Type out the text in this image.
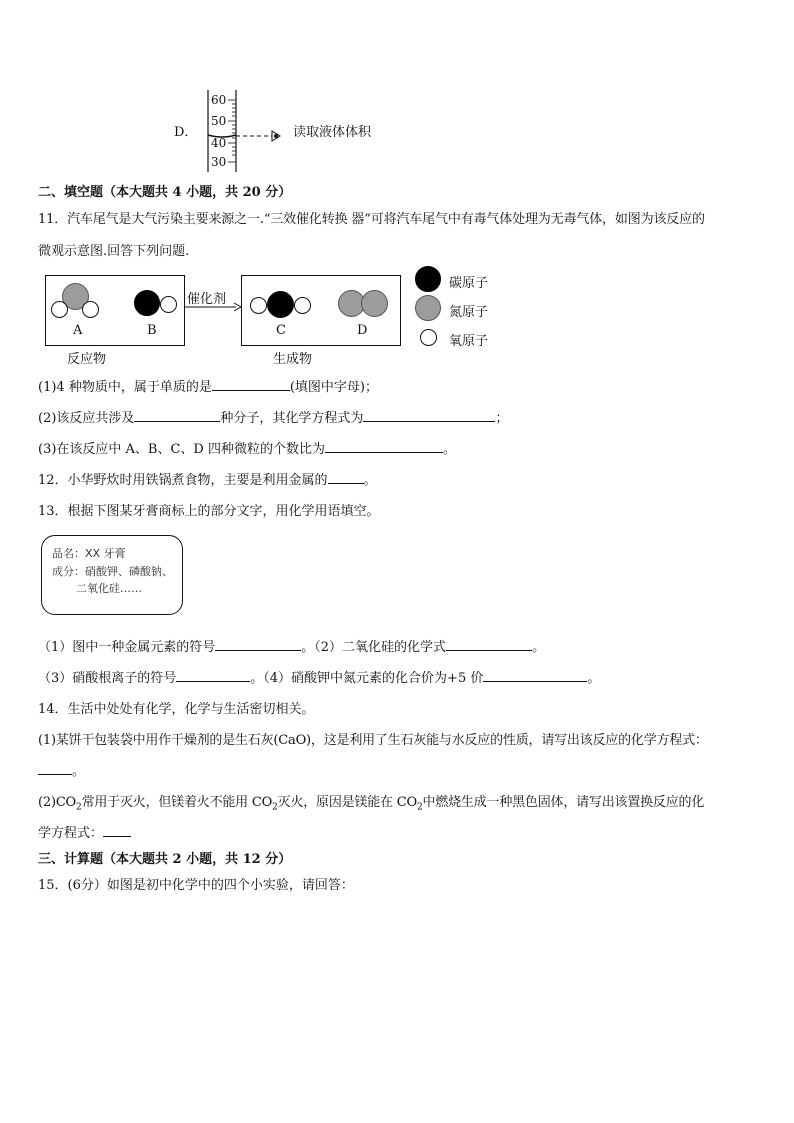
D．
60
50
40
30
读取液体体积
二、填空题（本大题共 4 小题，共 20 分）
11．汽车尾气是大气污染主要来源之一.“三效催化转换 器”可将汽车尾气中有毒气体处理为无毒气体，如图为该反应的
微观示意图.回答下列问题.
A	B
催化剂
C	D
反应物	生成物
碳原子
氮原子
氧原子
(1)4 种物质中，属于单质的是	(填图中字母)；
(2)该反应共涉及	种分子，其化学方程式为	；
(3)在该反应中 A、B、C、D 四种微粒的个数比为	。
12．小华野炊时用铁锅煮食物，主要是利用金属的	。
13．根据下图某牙膏商标上的部分文字，用化学用语填空。
品名：XX 牙膏
成分：硝酸钾、磷酸钠、
二氧化硅……
（1）图中一种金属元素的符号	。（2）二氧化硅的化学式	。
（3）硝酸根离子的符号	。（4）硝酸钾中氮元素的化合价为+5 价	。
14．生活中处处有化学，化学与生活密切相关。
(1)某饼干包装袋中用作干燥剂的是生石灰(CaO)，这是利用了生石灰能与水反应的性质，请写出该反应的化学方程式：
。
$(2)CO_2$常用于灭火，但镁着火不能用 $CO_2$灭火，原因是镁能在 $CO_2$中燃烧生成一种黑色固体，请写出该置换反应的化
学方程式：
三、计算题（本大题共 2 小题，共 12 分）
15．(6分）如图是初中化学中的四个小实验，请回答：
